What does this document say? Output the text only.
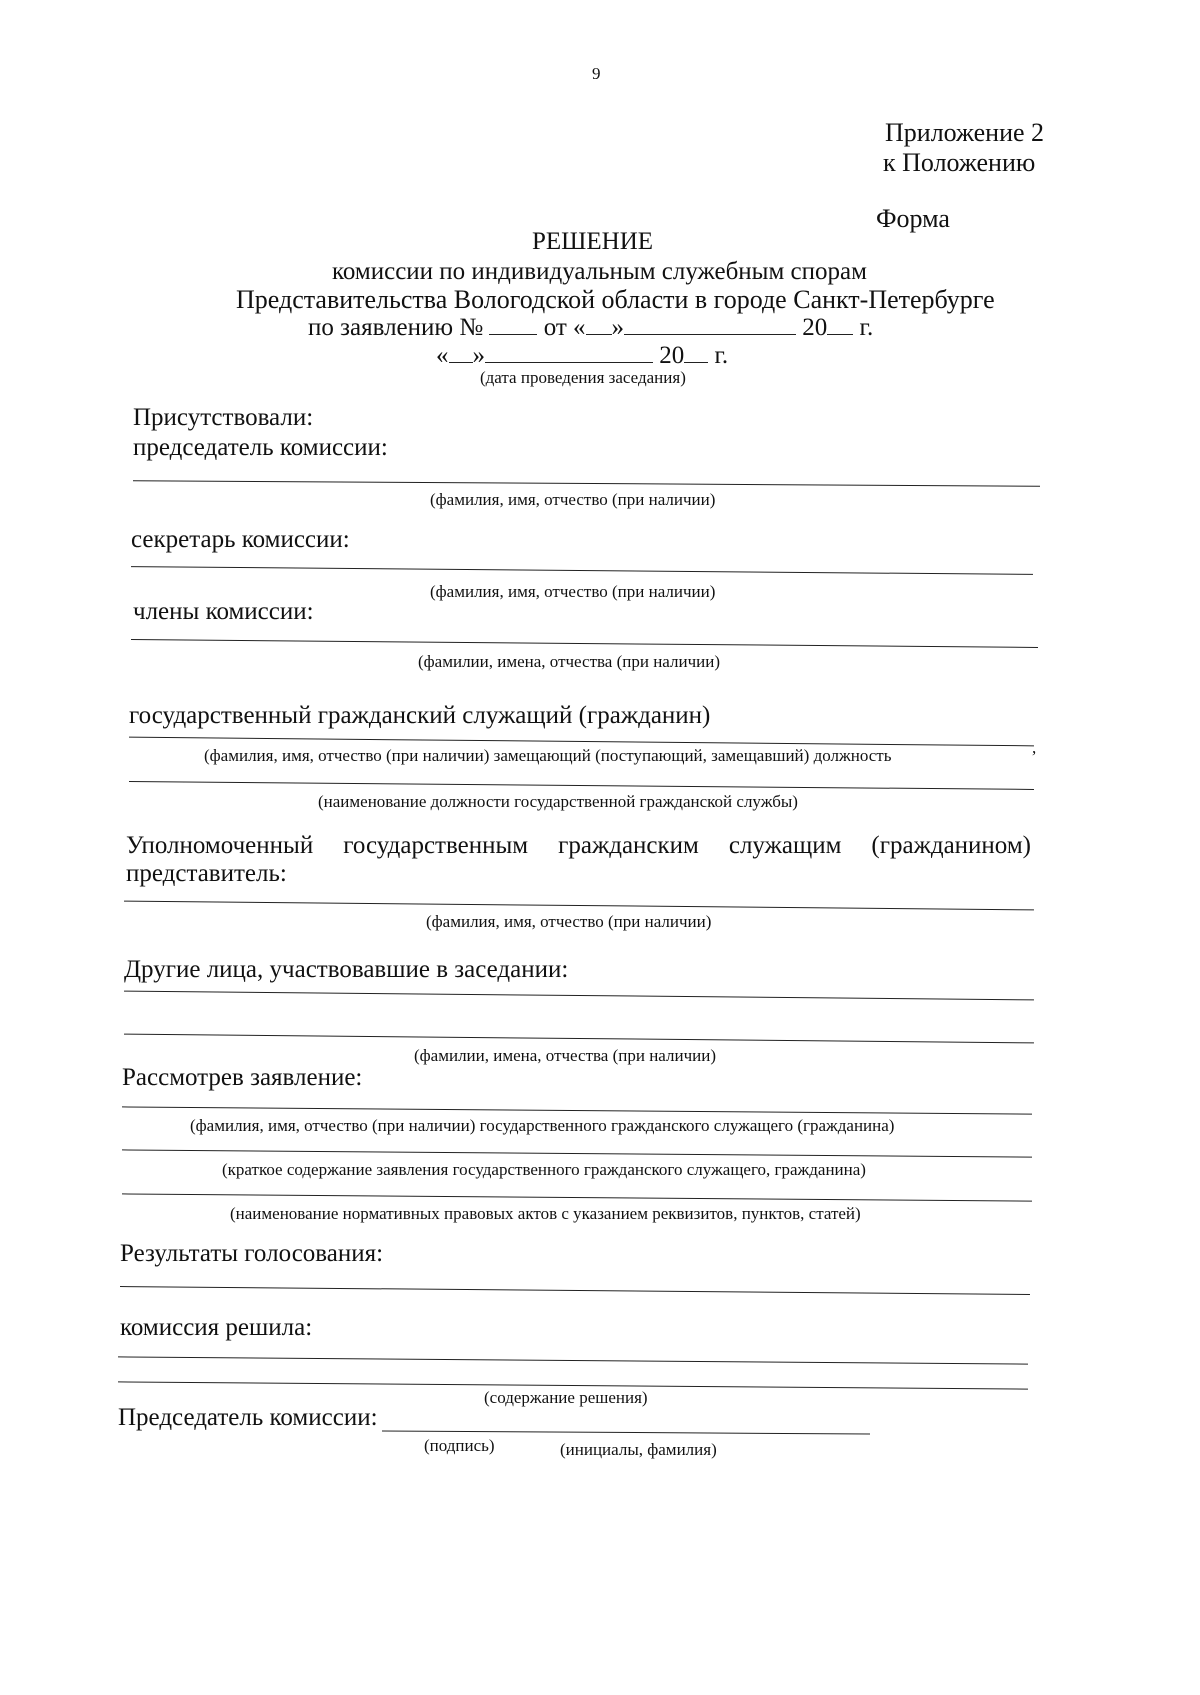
9
Приложение 2
к Положению
Форма
РЕШЕНИЕ
комиссии по индивидуальным служебным спорам
Представительства Вологодской области в городе Санкт-Петербурге
по заявлению № от « »	20 г.
« »	20 г.
(дата проведения заседания)
Присутствовали:
председатель комиссии:
(фамилия, имя, отчество (при наличии)
секретарь комиссии:
(фамилия, имя, отчество (при наличии)
члены комиссии:
(фамилии, имена, отчества (при наличии)
государственный гражданский служащий (гражданин)
,
(фамилия, имя, отчество (при наличии) замещающий (поступающий, замещавший) должность
(наименование должности государственной гражданской службы)
Уполномоченный государственным гражданским служащим (гражданином)
представитель:
(фамилия, имя, отчество (при наличии)
Другие лица, участвовавшие в заседании:
(фамилии, имена, отчества (при наличии)
Рассмотрев заявление:
(фамилия, имя, отчество (при наличии) государственного гражданского служащего (гражданина)
(краткое содержание заявления государственного гражданского служащего, гражданина)
(наименование нормативных правовых актов с указанием реквизитов, пунктов, статей)
Результаты голосования:
комиссия решила:
(содержание решения)
Председатель комиссии:
(подпись)	(инициалы, фамилия)
